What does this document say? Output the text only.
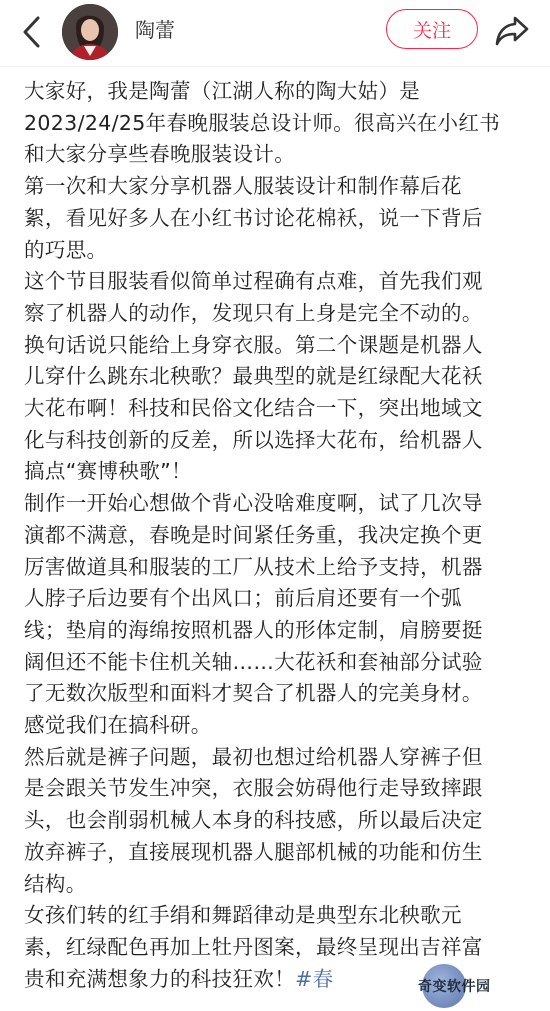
陶蕾	关注

大家好，我是陶蕾（江湖人称的陶大姑）是
2023/24/25年春晚服装总设计师。很高兴在小红书
和大家分享些春晚服装设计。

第一次和大家分享机器人服装设计和制作幕后花
絮，看见好多人在小红书讨论花棉袄，说一下背后
的巧思。

这个节目服装看似简单过程确有点难，首先我们观
察了机器人的动作，发现只有上身是完全不动的。
换句话说只能给上身穿衣服。第二个课题是机器人
儿穿什么跳东北秧歌？最典型的就是红绿配大花袄
大花布啊！科技和民俗文化结合一下，突出地域文
化与科技创新的反差，所以选择大花布，给机器人
搞点“赛博秧歌”！

制作一开始心想做个背心没啥难度啊，试了几次导
演都不满意，春晚是时间紧任务重，我决定换个更
厉害做道具和服装的工厂从技术上给予支持，机器
人脖子后边要有个出风口；前后肩还要有一个弧
线；垫肩的海绵按照机器人的形体定制，肩膀要挺
阔但还不能卡住机关轴……大花袄和套袖部分试验
了无数次版型和面料才契合了机器人的完美身材。
感觉我们在搞科研。

然后就是裤子问题，最初也想过给机器人穿裤子但
是会跟关节发生冲突，衣服会妨碍他行走导致摔跟
头，也会削弱机械人本身的科技感，所以最后决定
放弃裤子，直接展现机器人腿部机械的功能和仿生
结构。

女孩们转的红手绢和舞蹈律动是典型东北秧歌元
素，红绿配色再加上牡丹图案，最终呈现出吉祥富
贵和充满想象力的科技狂欢！#春	奇变软件园
